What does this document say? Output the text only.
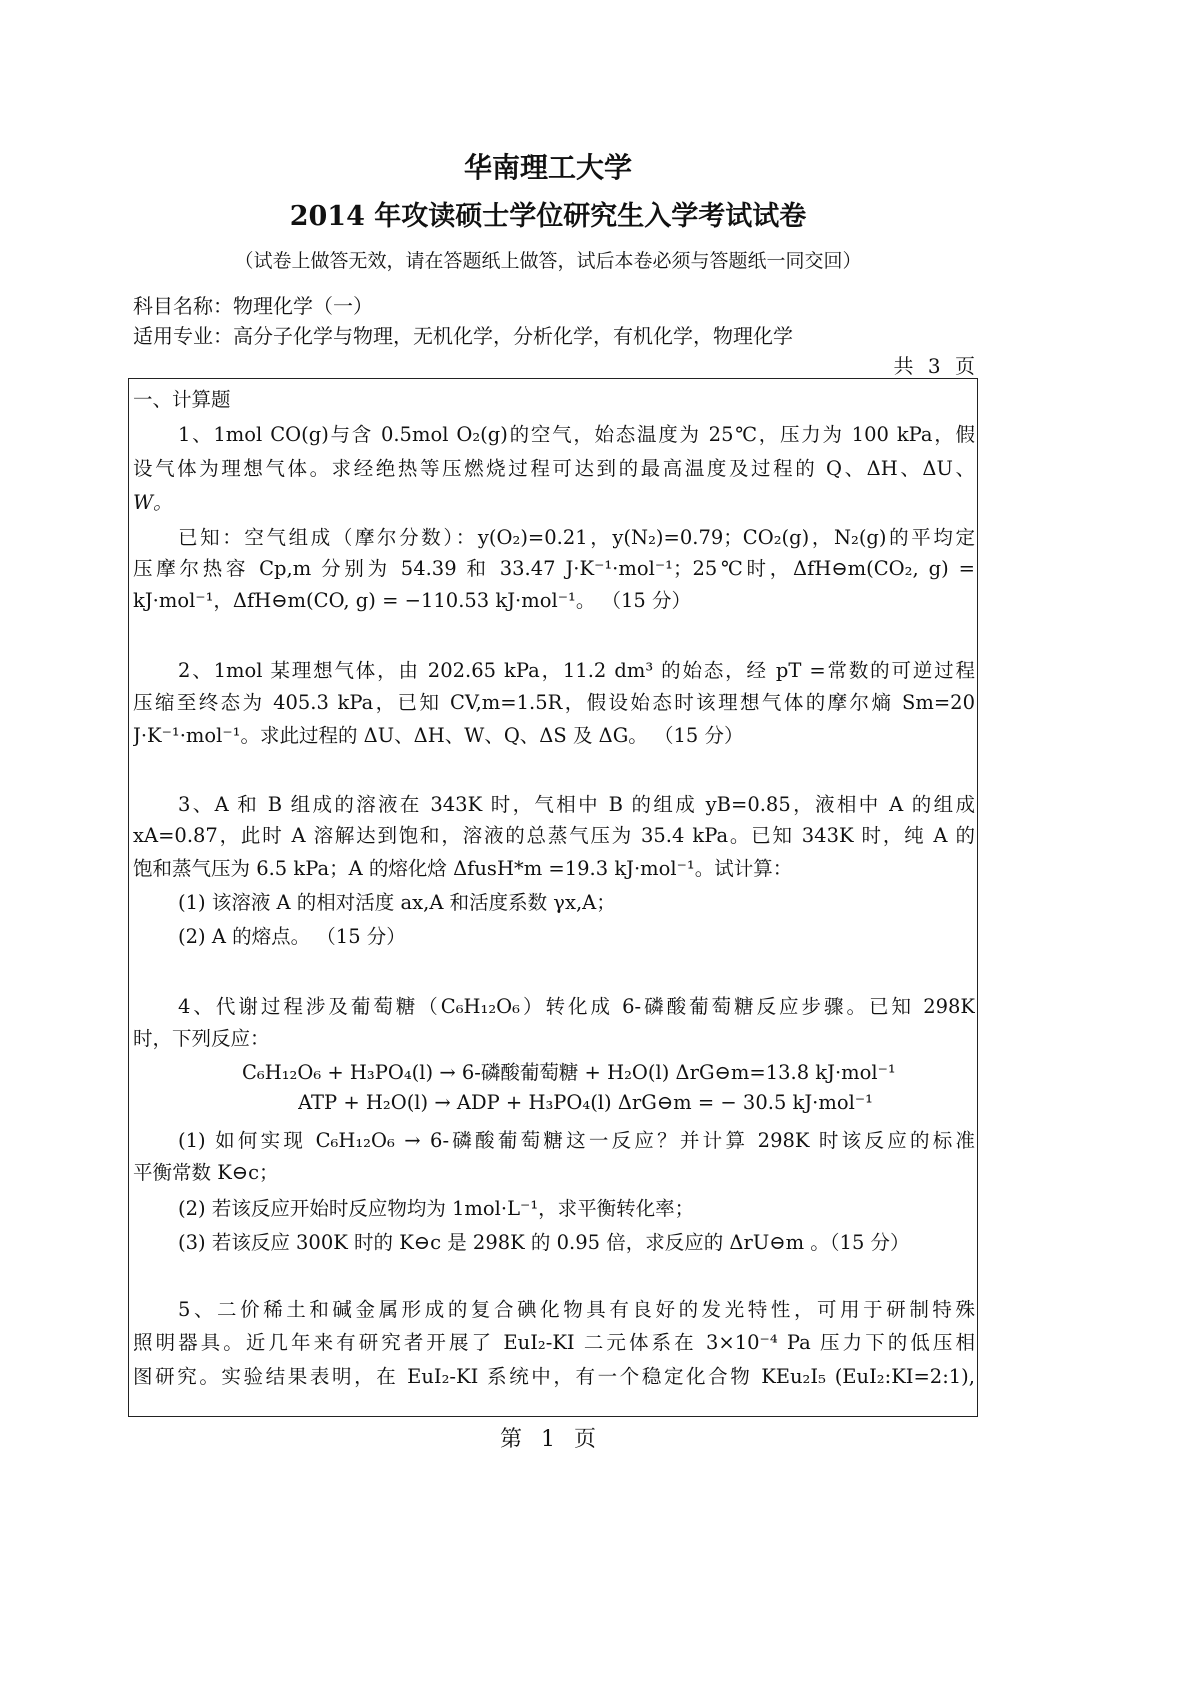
华南理工大学
2014 年攻读硕士学位研究生入学考试试卷
（试卷上做答无效，请在答题纸上做答，试后本卷必须与答题纸一同交回）
科目名称：物理化学（一）
适用专业：高分子化学与物理，无机化学，分析化学，有机化学，物理化学
共 3 页
一、计算题
1、1mol CO(g)与含 0.5mol O₂(g)的空气，始态温度为 25℃，压力为 100 kPa，假
设气体为理想气体。求经绝热等压燃烧过程可达到的最高温度及过程的 Q、ΔH、ΔU、
W。
已知：空气组成（摩尔分数）：y(O₂)=0.21，y(N₂)=0.79；CO₂(g)，N₂(g)的平均定
压摩尔热容 Cp,m 分别为 54.39 和 33.47 J·K⁻¹·mol⁻¹；25℃时，ΔfH⊖m(CO₂, g) =
kJ·mol⁻¹，ΔfH⊖m(CO, g) = −110.53 kJ·mol⁻¹。 （15 分）
2、1mol 某理想气体，由 202.65 kPa，11.2 dm³ 的始态，经 pT =常数的可逆过程
压缩至终态为 405.3 kPa，已知 CV,m=1.5R，假设始态时该理想气体的摩尔熵 Sm=20
J·K⁻¹·mol⁻¹。求此过程的 ΔU、ΔH、W、Q、ΔS 及 ΔG。 （15 分）
3、A 和 B 组成的溶液在 343K 时，气相中 B 的组成 yB=0.85，液相中 A 的组成
xA=0.87，此时 A 溶解达到饱和，溶液的总蒸气压为 35.4 kPa。已知 343K 时，纯 A 的
饱和蒸气压为 6.5 kPa；A 的熔化焓 ΔfusH*m =19.3 kJ·mol⁻¹。试计算：
(1) 该溶液 A 的相对活度 ax,A 和活度系数 γx,A；
(2) A 的熔点。 （15 分）
4、代谢过程涉及葡萄糖（C₆H₁₂O₆）转化成 6-磷酸葡萄糖反应步骤。已知 298K
时，下列反应：
C₆H₁₂O₆ + H₃PO₄(l) → 6-磷酸葡萄糖 + H₂O(l) ΔrG⊖m=13.8 kJ·mol⁻¹
ATP + H₂O(l) → ADP + H₃PO₄(l) ΔrG⊖m = − 30.5 kJ·mol⁻¹
(1) 如何实现 C₆H₁₂O₆ → 6-磷酸葡萄糖这一反应？并计算 298K 时该反应的标准
平衡常数 K⊖c；
(2) 若该反应开始时反应物均为 1mol·L⁻¹，求平衡转化率；
(3) 若该反应 300K 时的 K⊖c 是 298K 的 0.95 倍，求反应的 ΔrU⊖m 。（15 分）
5、二价稀土和碱金属形成的复合碘化物具有良好的发光特性，可用于研制特殊
照明器具。近几年来有研究者开展了 EuI₂-KI 二元体系在 3×10⁻⁴ Pa 压力下的低压相
图研究。实验结果表明，在 EuI₂-KI 系统中，有一个稳定化合物 KEu₂I₅ (EuI₂:KI=2:1),
第 1 页
